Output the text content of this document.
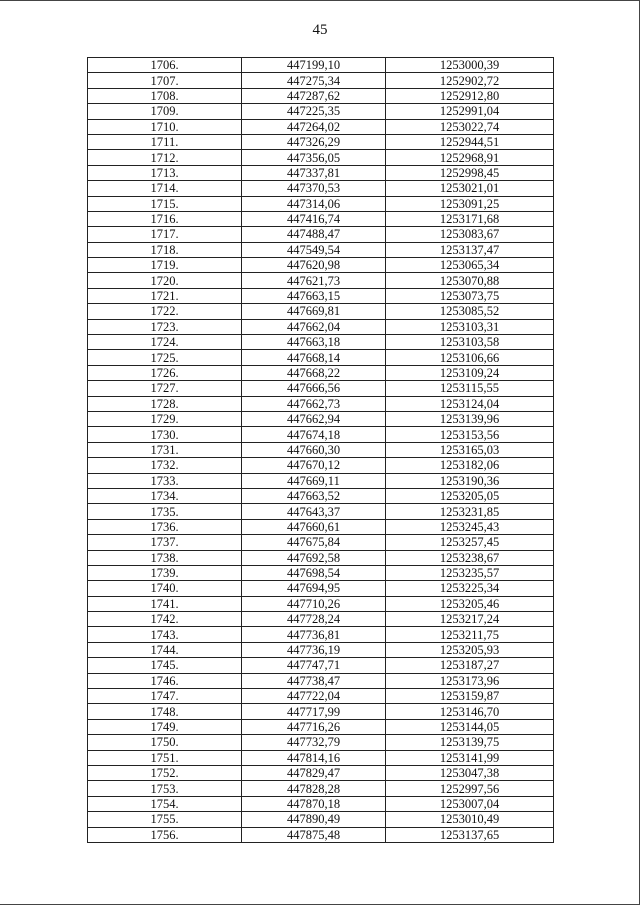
45
1706.	447199,10	1253000,39
1707.	447275,34	1252902,72
1708.	447287,62	1252912,80
1709.	447225,35	1252991,04
1710.	447264,02	1253022,74
1711.	447326,29	1252944,51
1712.	447356,05	1252968,91
1713.	447337,81	1252998,45
1714.	447370,53	1253021,01
1715.	447314,06	1253091,25
1716.	447416,74	1253171,68
1717.	447488,47	1253083,67
1718.	447549,54	1253137,47
1719.	447620,98	1253065,34
1720.	447621,73	1253070,88
1721.	447663,15	1253073,75
1722.	447669,81	1253085,52
1723.	447662,04	1253103,31
1724.	447663,18	1253103,58
1725.	447668,14	1253106,66
1726.	447668,22	1253109,24
1727.	447666,56	1253115,55
1728.	447662,73	1253124,04
1729.	447662,94	1253139,96
1730.	447674,18	1253153,56
1731.	447660,30	1253165,03
1732.	447670,12	1253182,06
1733.	447669,11	1253190,36
1734.	447663,52	1253205,05
1735.	447643,37	1253231,85
1736.	447660,61	1253245,43
1737.	447675,84	1253257,45
1738.	447692,58	1253238,67
1739.	447698,54	1253235,57
1740.	447694,95	1253225,34
1741.	447710,26	1253205,46
1742.	447728,24	1253217,24
1743.	447736,81	1253211,75
1744.	447736,19	1253205,93
1745.	447747,71	1253187,27
1746.	447738,47	1253173,96
1747.	447722,04	1253159,87
1748.	447717,99	1253146,70
1749.	447716,26	1253144,05
1750.	447732,79	1253139,75
1751.	447814,16	1253141,99
1752.	447829,47	1253047,38
1753.	447828,28	1252997,56
1754.	447870,18	1253007,04
1755.	447890,49	1253010,49
1756.	447875,48	1253137,65
